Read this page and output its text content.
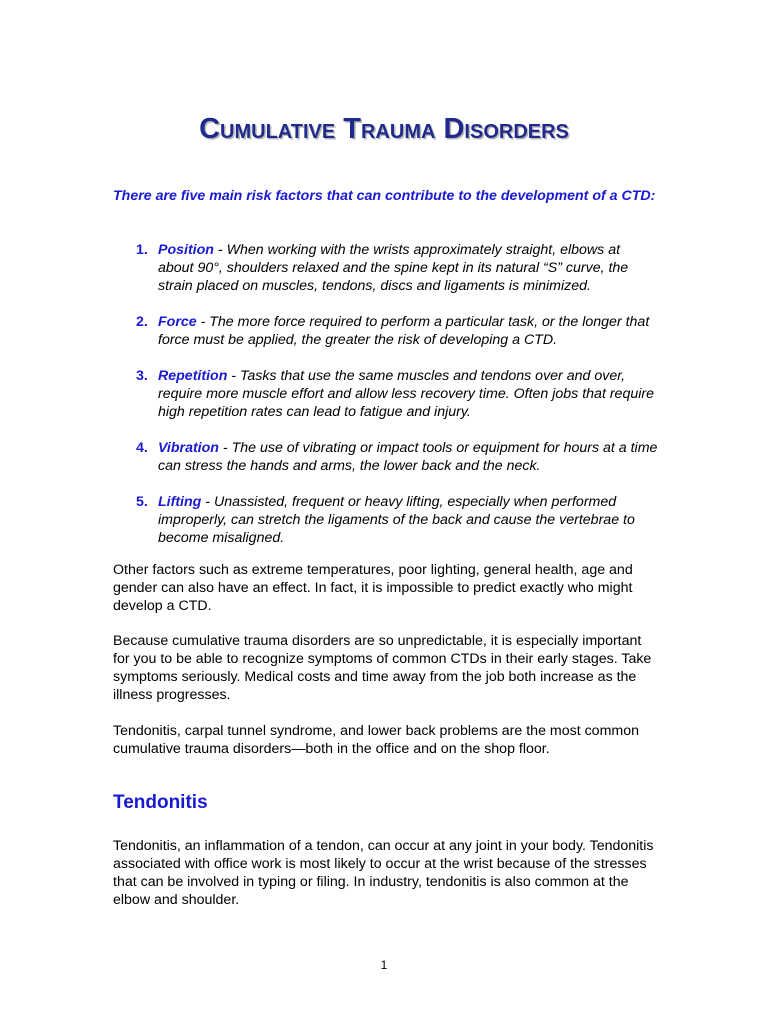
Cumulative Trauma Disorders

There are five main risk factors that can contribute to the development of a CTD:

1. Position - When working with the wrists approximately straight, elbows at about 90°, shoulders relaxed and the spine kept in its natural “S” curve, the strain placed on muscles, tendons, discs and ligaments is minimized.
2. Force - The more force required to perform a particular task, or the longer that force must be applied, the greater the risk of developing a CTD.
3. Repetition - Tasks that use the same muscles and tendons over and over, require more muscle effort and allow less recovery time. Often jobs that require high repetition rates can lead to fatigue and injury.
4. Vibration - The use of vibrating or impact tools or equipment for hours at a time can stress the hands and arms, the lower back and the neck.
5. Lifting - Unassisted, frequent or heavy lifting, especially when performed improperly, can stretch the ligaments of the back and cause the vertebrae to become misaligned.

Other factors such as extreme temperatures, poor lighting, general health, age and gender can also have an effect. In fact, it is impossible to predict exactly who might develop a CTD.

Because cumulative trauma disorders are so unpredictable, it is especially important for you to be able to recognize symptoms of common CTDs in their early stages. Take symptoms seriously. Medical costs and time away from the job both increase as the illness progresses.

Tendonitis, carpal tunnel syndrome, and lower back problems are the most common cumulative trauma disorders—both in the office and on the shop floor.

Tendonitis

Tendonitis, an inflammation of a tendon, can occur at any joint in your body. Tendonitis associated with office work is most likely to occur at the wrist because of the stresses that can be involved in typing or filing. In industry, tendonitis is also common at the elbow and shoulder.

1
